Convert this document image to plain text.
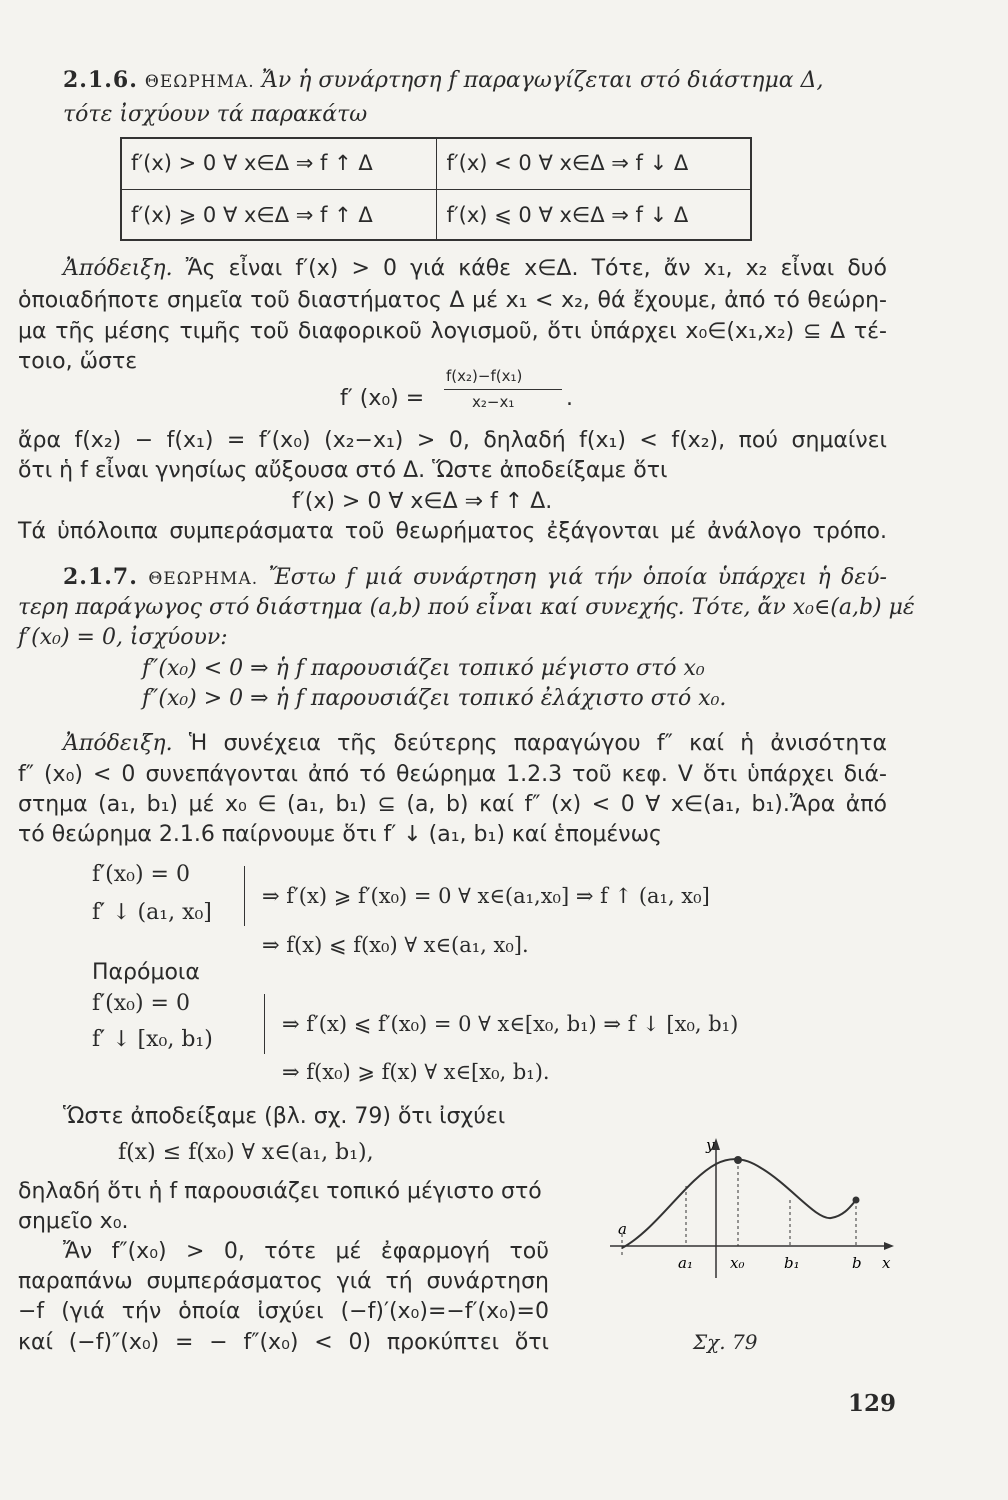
2.1.6. ΘΕΩΡΗΜΑ. Ἄν ἡ συνάρτηση f παραγωγίζεται στό διάστημα Δ,
τότε ἰσχύουν τά παρακάτω
f′(x) > 0 ∀ x∈Δ ⇒ f ↑ Δ	f′(x) < 0 ∀ x∈Δ ⇒ f ↓ Δ
f′(x) ⩾ 0 ∀ x∈Δ ⇒ f ↑ Δ	f′(x) ⩽ 0 ∀ x∈Δ ⇒ f ↓ Δ
Ἀπόδειξη. Ἄς εἶναι f′(x) > 0 γιά κάθε x∈Δ. Τότε, ἄν x₁, x₂ εἶναι δυό
ὁποιαδήποτε σημεῖα τοῦ διαστήματος Δ μέ x₁ < x₂, θά ἔχουμε, ἀπό τό θεώρη-
μα τῆς μέσης τιμῆς τοῦ διαφορικοῦ λογισμοῦ, ὅτι ὑπάρχει x₀∈(x₁,x₂) ⊆ Δ τέ-
τοιο, ὥστε
f′ (x₀) =
f(x₂)−f(x₁)
x₂−x₁ .
ἄρα f(x₂) − f(x₁) = f′(x₀) (x₂−x₁) > 0, δηλαδή f(x₁) < f(x₂), πού σημαίνει
ὅτι ἡ f εἶναι γνησίως αὔξουσα στό Δ. Ὥστε ἀποδείξαμε ὅτι
f′(x) > 0 ∀ x∈Δ ⇒ f ↑ Δ.
Τά ὑπόλοιπα συμπεράσματα τοῦ θεωρήματος ἐξάγονται μέ ἀνάλογο τρόπο.
2.1.7. ΘΕΩΡΗΜΑ. Ἔστω f μιά συνάρτηση γιά τήν ὁποία ὑπάρχει ἡ δεύ-
τερη παράγωγος στό διάστημα (a,b) πού εἶναι καί συνεχής. Τότε, ἄν x₀∈(a,b) μέ
f′(x₀) = 0, ἰσχύουν:
f″(x₀) < 0 ⇒ ἡ f παρουσιάζει τοπικό μέγιστο στό x₀
f″(x₀) > 0 ⇒ ἡ f παρουσιάζει τοπικό ἐλάχιστο στό x₀.
Ἀπόδειξη. Ἡ συνέχεια τῆς δεύτερης παραγώγου f″ καί ἡ ἀνισότητα
f″ (x₀) < 0 συνεπάγονται ἀπό τό θεώρημα 1.2.3 τοῦ κεφ. V ὅτι ὑπάρχει διά-
στημα (a₁, b₁) μέ x₀ ∈ (a₁, b₁) ⊆ (a, b) καί f″ (x) < 0 ∀ x∈(a₁, b₁).Ἄρα ἀπό
τό θεώρημα 2.1.6 παίρνουμε ὅτι f′ ↓ (a₁, b₁) καί ἑπομένως
f′(x₀) = 0
f′ ↓ (a₁, x₀]
⇒ f′(x) ⩾ f′(x₀) = 0 ∀ x∈(a₁,x₀] ⇒ f ↑ (a₁, x₀]
⇒ f(x) ⩽ f(x₀) ∀ x∈(a₁, x₀].
Παρόμοια
f′(x₀) = 0
f′ ↓ [x₀, b₁)
⇒ f′(x) ⩽ f′(x₀) = 0 ∀ x∈[x₀, b₁) ⇒ f ↓ [x₀, b₁)
⇒ f(x₀) ⩾ f(x) ∀ x∈[x₀, b₁).
Ὥστε ἀποδείξαμε (βλ. σχ. 79) ὅτι ἰσχύει
f(x) ≤ f(x₀) ∀ x∈(a₁, b₁),
δηλαδή ὅτι ἡ f παρουσιάζει τοπικό μέγιστο στό
σημεῖο x₀.
Ἄν f″(x₀) > 0, τότε μέ ἐφαρμογή τοῦ
παραπάνω συμπεράσματος γιά τή συνάρτηση
−f (γιά τήν ὁποία ἰσχύει (−f)′(x₀)=−f′(x₀)=0
καί (−f)″(x₀) = − f″(x₀) < 0) προκύπτει ὅτι
y
x
a
a₁ x₀	b₁	b
Σχ. 79
129
